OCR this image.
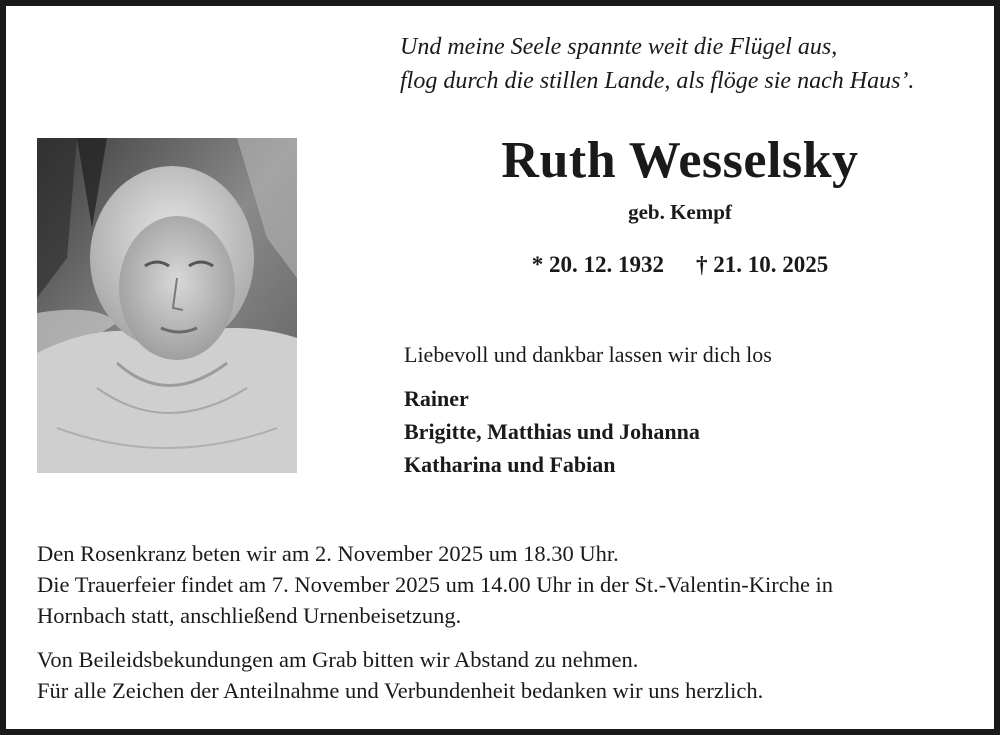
Und meine Seele spannte weit die Flügel aus,
flog durch die stillen Lande, als flöge sie nach Haus’.
Ruth Wesselsky
geb. Kempf
* 20. 12. 1932 † 21. 10. 2025
Liebevoll und dankbar lassen wir dich los
Rainer
Brigitte, Matthias und Johanna
Katharina und Fabian
Den Rosenkranz beten wir am 2. November 2025 um 18.30 Uhr.
Die Trauerfeier findet am 7. November 2025 um 14.00 Uhr in der St.-Valentin-Kirche in
Hornbach statt, anschließend Urnenbeisetzung.
Von Beileidsbekundungen am Grab bitten wir Abstand zu nehmen.
Für alle Zeichen der Anteilnahme und Verbundenheit bedanken wir uns herzlich.
